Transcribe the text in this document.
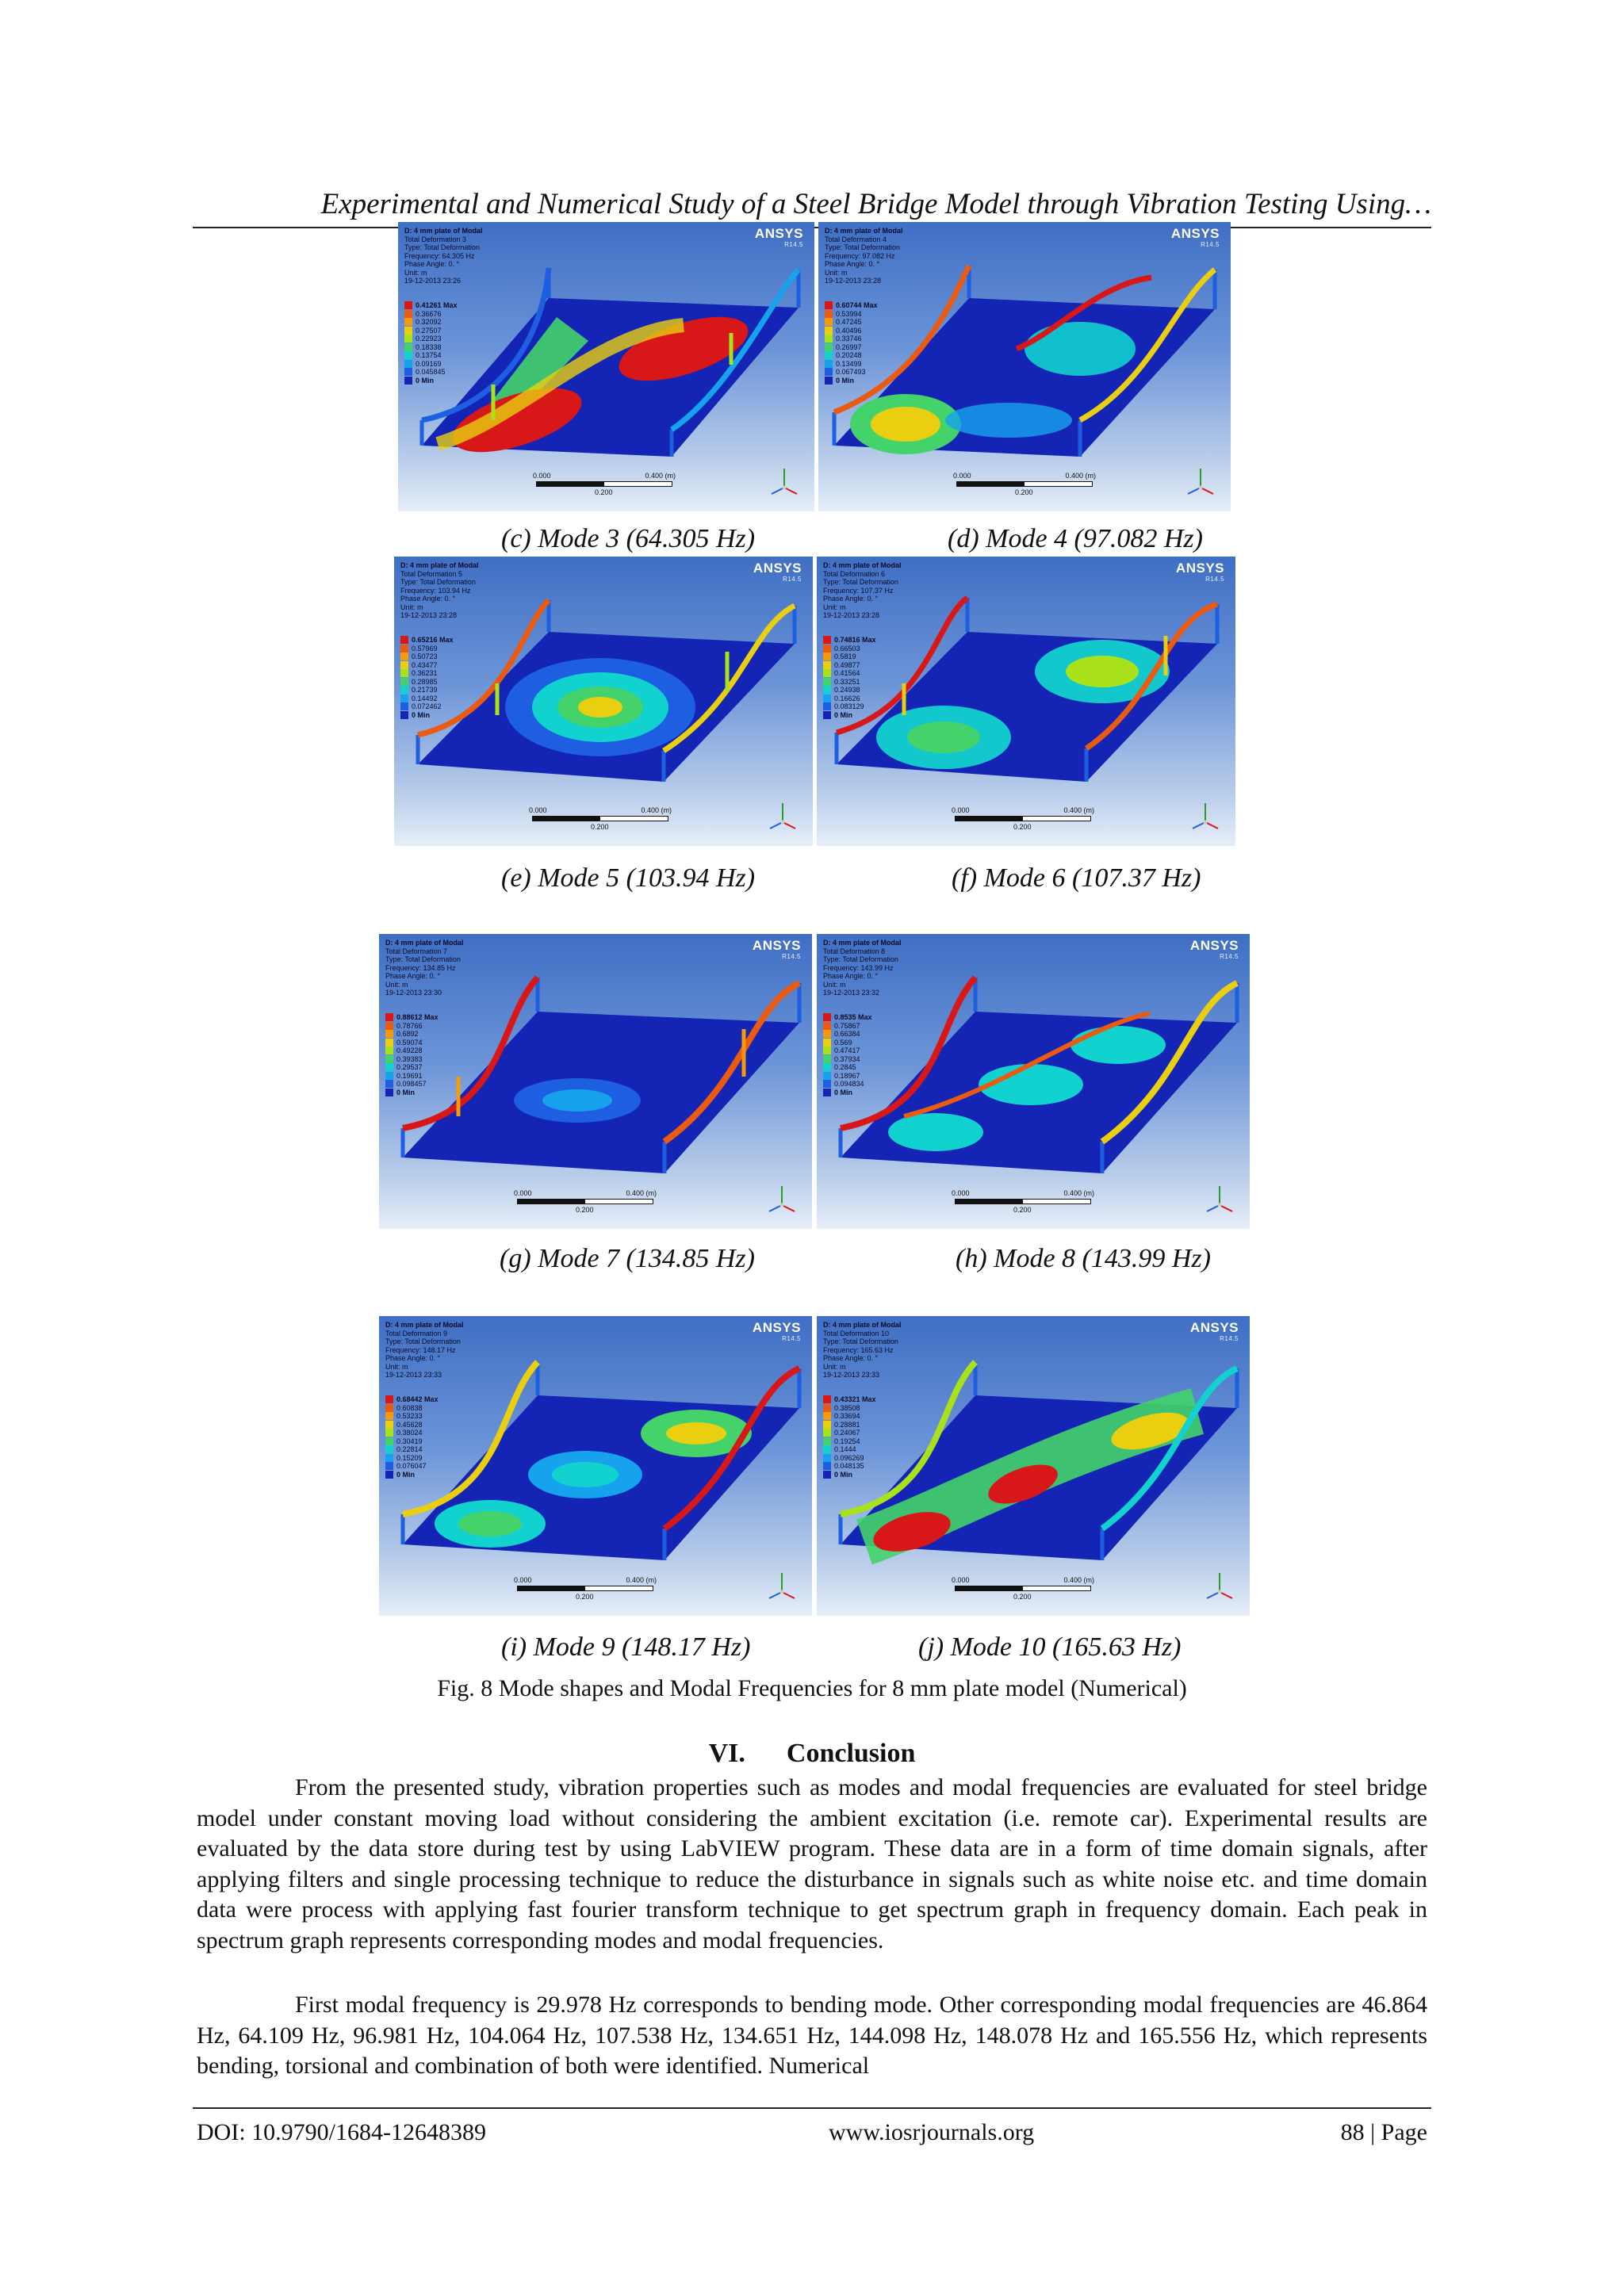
Experimental and Numerical Study of a Steel Bridge Model through Vibration Testing Using…
D: 4 mm plate of Modal
Total Deformation 3
Type: Total Deformation
Frequency: 64.305 Hz
Phase Angle: 0. °
Unit: m
19-12-2013 23:26
0.41261 Max
0.36676
0.32092
0.27507
0.22923
0.18338
0.13754
0.09169
0.045845
0 Min
ANSYS
R14.5
0.000	0.400 (m)
0.200
D: 4 mm plate of Modal
Total Deformation 4
Type: Total Deformation
Frequency: 97.082 Hz
Phase Angle: 0. °
Unit: m
19-12-2013 23:28
0.60744 Max
0.53994
0.47245
0.40496
0.33746
0.26997
0.20248
0.13499
0.067493
0 Min
ANSYS
R14.5
0.000	0.400 (m)
0.200
D: 4 mm plate of Modal
Total Deformation 5
Type: Total Deformation
Frequency: 103.94 Hz
Phase Angle: 0. °
Unit: m
19-12-2013 23:28
0.65216 Max
0.57969
0.50723
0.43477
0.36231
0.28985
0.21739
0.14492
0.072462
0 Min
ANSYS
R14.5
0.000	0.400 (m)
0.200
D: 4 mm plate of Modal
Total Deformation 6
Type: Total Deformation
Frequency: 107.37 Hz
Phase Angle: 0. °
Unit: m
19-12-2013 23:28
0.74816 Max
0.66503
0.5819
0.49877
0.41564
0.33251
0.24938
0.16626
0.083129
0 Min
ANSYS
R14.5
0.000	0.400 (m)
0.200
D: 4 mm plate of Modal
Total Deformation 7
Type: Total Deformation
Frequency: 134.85 Hz
Phase Angle: 0. °
Unit: m
19-12-2013 23:30
0.88612 Max
0.78766
0.6892
0.59074
0.49228
0.39383
0.29537
0.19691
0.098457
0 Min
ANSYS
R14.5
0.000	0.400 (m)
0.200
D: 4 mm plate of Modal
Total Deformation 8
Type: Total Deformation
Frequency: 143.99 Hz
Phase Angle: 0. °
Unit: m
19-12-2013 23:32
0.8535 Max
0.75867
0.66384
0.569
0.47417
0.37934
0.2845
0.18967
0.094834
0 Min
ANSYS
R14.5
0.000	0.400 (m)
0.200
D: 4 mm plate of Modal
Total Deformation 9
Type: Total Deformation
Frequency: 148.17 Hz
Phase Angle: 0. °
Unit: m
19-12-2013 23:33
0.68442 Max
0.60838
0.53233
0.45628
0.38024
0.30419
0.22814
0.15209
0.076047
0 Min
ANSYS
R14.5
0.000	0.400 (m)
0.200
D: 4 mm plate of Modal
Total Deformation 10
Type: Total Deformation
Frequency: 165.63 Hz
Phase Angle: 0. °
Unit: m
19-12-2013 23:33
0.43321 Max
0.38508
0.33694
0.28881
0.24067
0.19254
0.1444
0.096269
0.048135
0 Min
ANSYS
R14.5
0.000	0.400 (m)
0.200
(c) Mode 3 (64.305 Hz)	(d) Mode 4 (97.082 Hz)
(e) Mode 5 (103.94 Hz)	(f) Mode 6 (107.37 Hz)
(g) Mode 7 (134.85 Hz)	(h) Mode 8 (143.99 Hz)
(i) Mode 9 (148.17 Hz)	(j) Mode 10 (165.63 Hz)
Fig. 8 Mode shapes and Modal Frequencies for 8 mm plate model (Numerical)
VI. Conclusion

From the presented study, vibration properties such as modes and modal frequencies are evaluated for steel bridge model under constant moving load without considering the ambient excitation (i.e. remote car). Experimental results are evaluated by the data store during test by using LabVIEW program. These data are in a form of time domain signals, after applying filters and single processing technique to reduce the disturbance in signals such as white noise etc. and time domain data were process with applying fast fourier transform technique to get spectrum graph in frequency domain. Each peak in spectrum graph represents corresponding modes and modal frequencies.

First modal frequency is 29.978 Hz corresponds to bending mode. Other corresponding modal frequencies are 46.864 Hz, 64.109 Hz, 96.981 Hz, 104.064 Hz, 107.538 Hz, 134.651 Hz, 144.098 Hz, 148.078 Hz and 165.556 Hz, which represents bending, torsional and combination of both were identified. Numerical

DOI: 10.9790/1684-12648389	www.iosrjournals.org	88 | Page
